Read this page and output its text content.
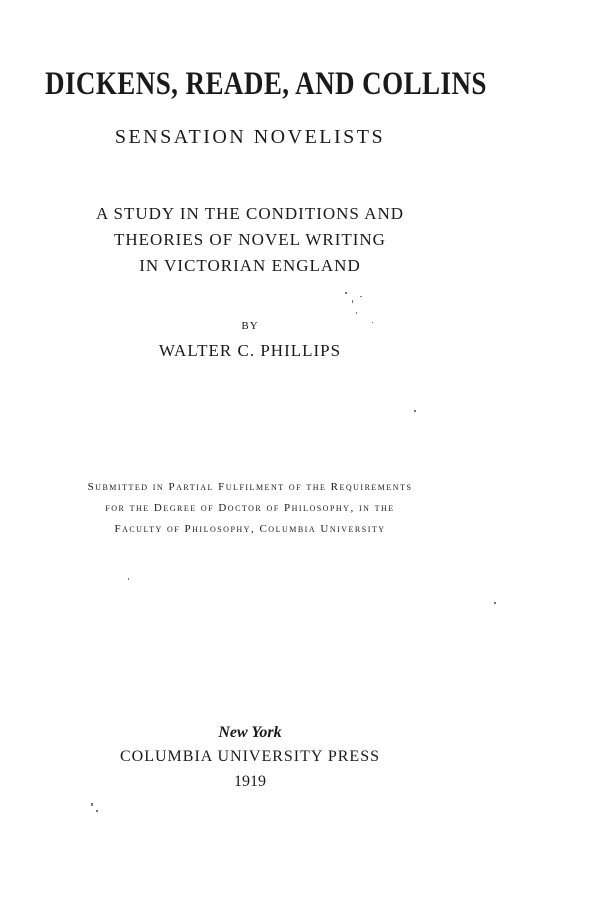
DICKENS, READE, AND COLLINS
SENSATION NOVELISTS
A STUDY IN THE CONDITIONS AND
THEORIES OF NOVEL WRITING
IN VICTORIAN ENGLAND
BY
WALTER C. PHILLIPS
Submitted in Partial Fulfilment of the Requirements
for the Degree of Doctor of Philosophy, in the
Faculty of Philosophy, Columbia University
New York
COLUMBIA UNIVERSITY PRESS
1919
